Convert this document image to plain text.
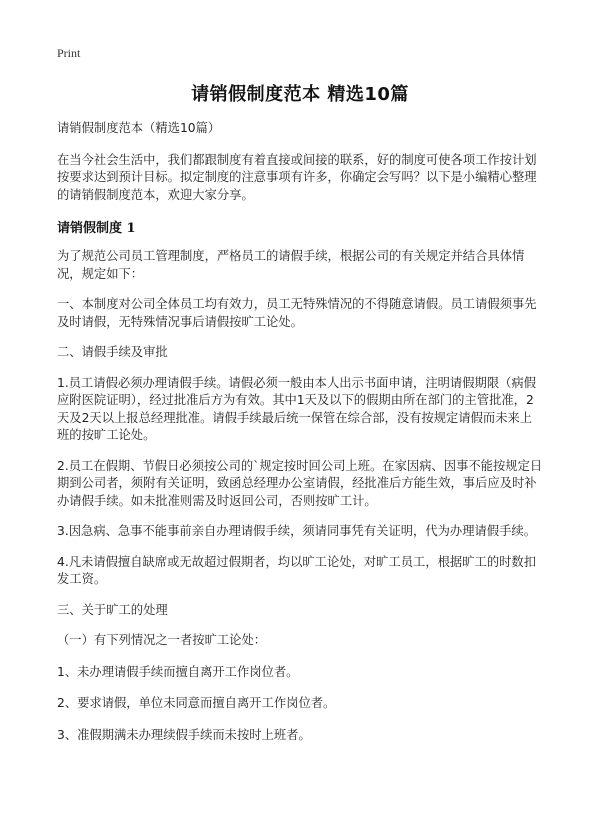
Print
请销假制度范本 精选10篇

请销假制度范本（精选10篇）

在当今社会生活中，我们都跟制度有着直接或间接的联系，好的制度可使各项工作按计划按要求达到预计目标。拟定制度的注意事项有许多，你确定会写吗？以下是小编精心整理的请销假制度范本，欢迎大家分享。

请销假制度 1

为了规范公司员工管理制度，严格员工的请假手续，根据公司的有关规定并结合具体情况，规定如下：

一、本制度对公司全体员工均有效力，员工无特殊情况的不得随意请假。员工请假须事先及时请假，无特殊情况事后请假按旷工论处。

二、请假手续及审批

1.员工请假必须办理请假手续。请假必须一般由本人出示书面申请，注明请假期限（病假应附医院证明），经过批准后方为有效。其中1天及以下的假期由所在部门的主管批准，2天及2天以上报总经理批准。请假手续最后统一保管在综合部，没有按规定请假而未来上班的按旷工论处。

2.员工在假期、节假日必须按公司的`规定按时回公司上班。在家因病、因事不能按规定日期到公司者，须附有关证明，致函总经理办公室请假，经批准后方能生效，事后应及时补办请假手续。如未批准则需及时返回公司，否则按旷工计。

3.因急病、急事不能事前亲自办理请假手续，须请同事凭有关证明，代为办理请假手续。

4.凡未请假擅自缺席或无故超过假期者，均以旷工论处，对旷工员工，根据旷工的时数扣发工资。

三、关于旷工的处理

（一）有下列情况之一者按旷工论处：

1、未办理请假手续而擅自离开工作岗位者。

2、要求请假，单位未同意而擅自离开工作岗位者。

3、准假期满未办理续假手续而未按时上班者。
